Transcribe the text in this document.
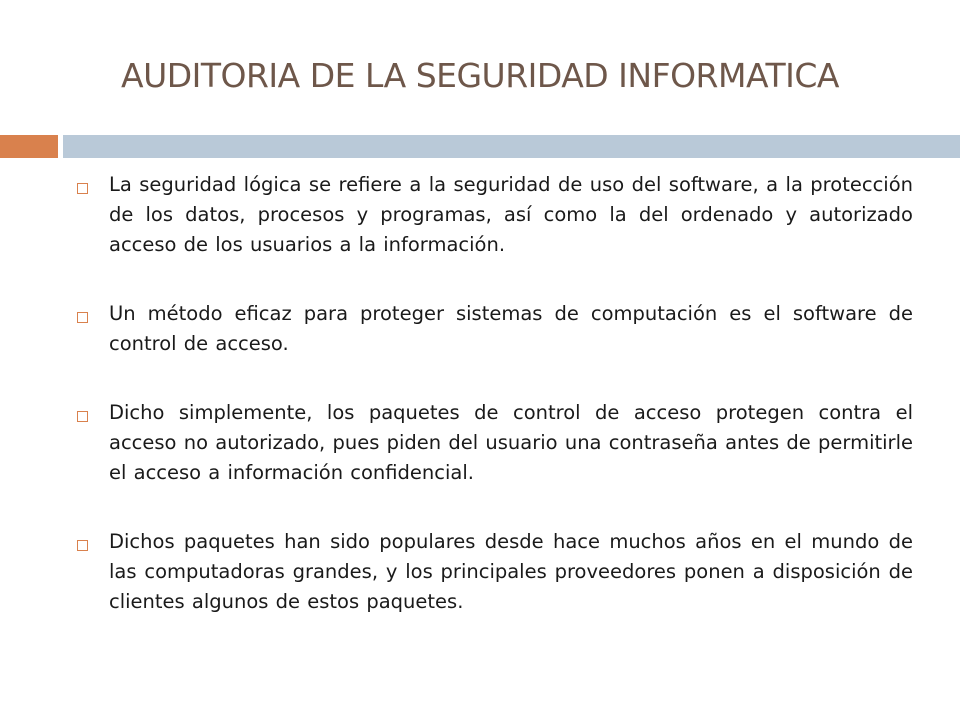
AUDITORIA DE LA SEGURIDAD INFORMATICA
La seguridad lógica se refiere a la seguridad de uso del software, a la protección de los datos, procesos y programas, así como la del ordenado y autorizado acceso de los usuarios a la información.
Un método eficaz para proteger sistemas de computación es el software de control de acceso.
Dicho simplemente, los paquetes de control de acceso protegen contra el acceso no autorizado, pues piden del usuario una contraseña antes de permitirle el acceso a información confidencial.
Dichos paquetes han sido populares desde hace muchos años en el mundo de las computadoras grandes, y los principales proveedores ponen a disposición de clientes algunos de estos paquetes.
